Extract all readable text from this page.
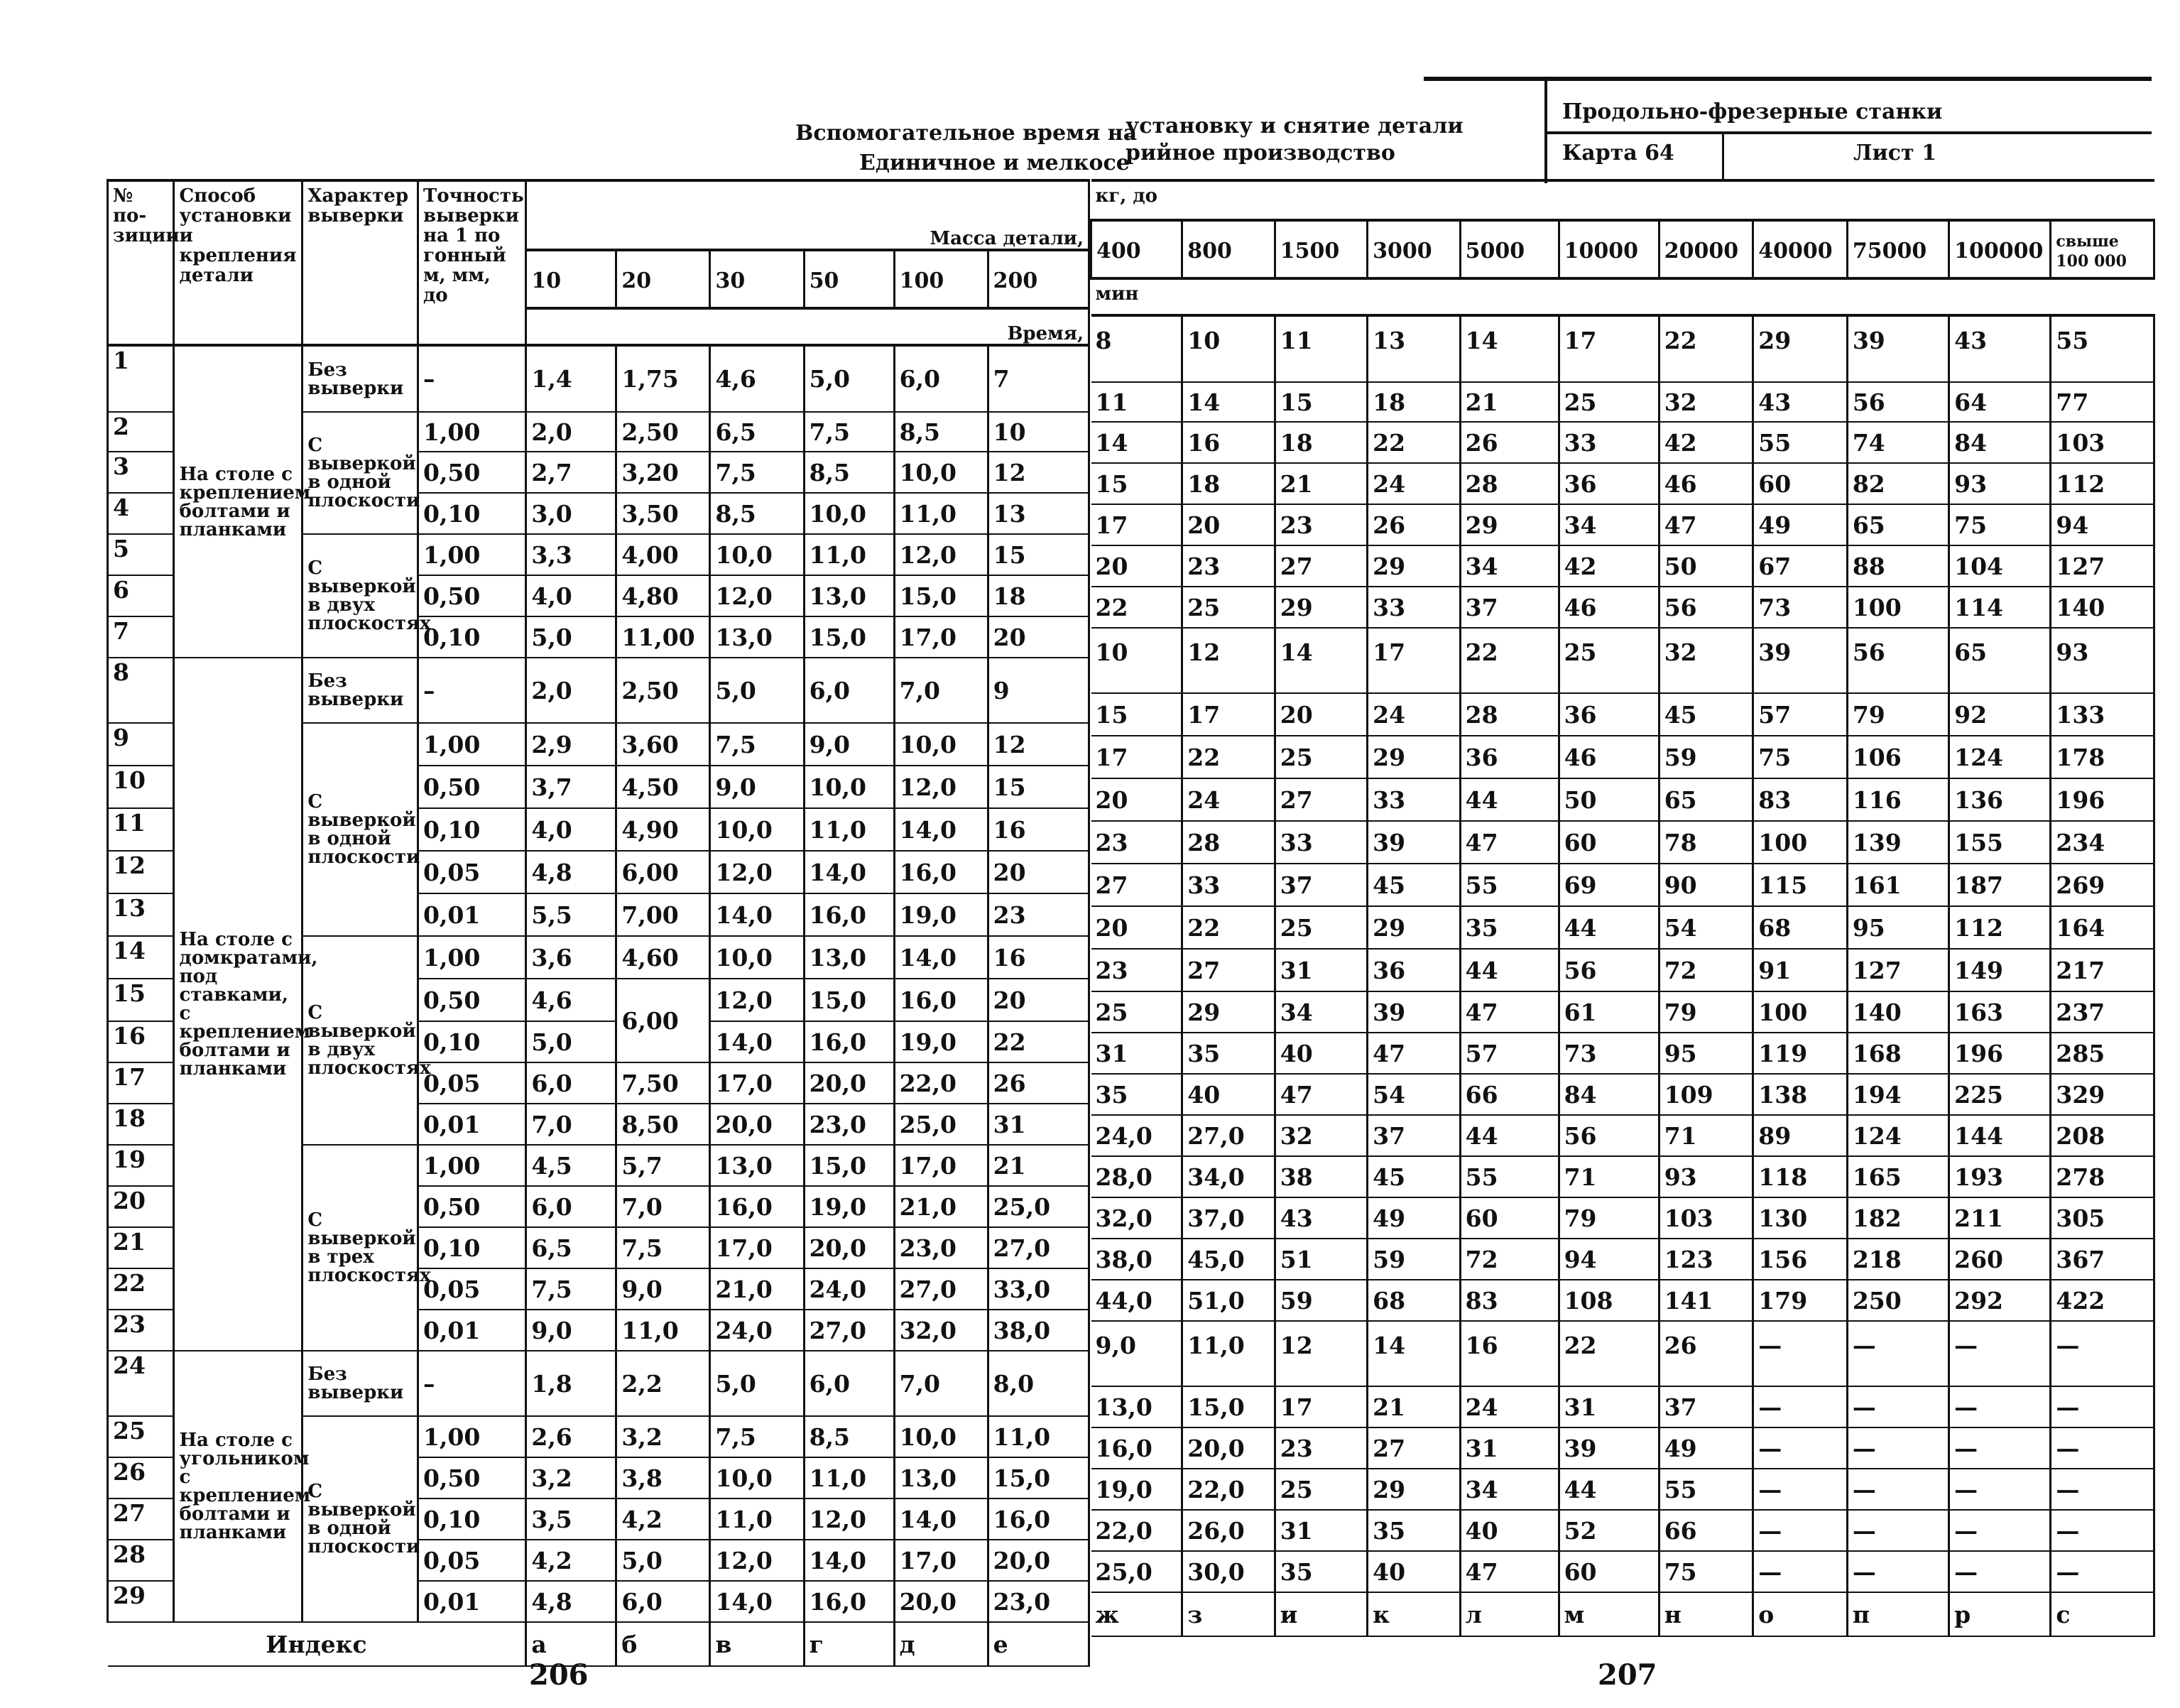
Вспомогательное время на
Единичное и мелкосе
№ по- зиции	Способ установки и крепления детали	Характер выверки	Точность выверки на 1 по гонный м, мм, до	Масса детали,					
				10	20	30	50	100	200
				Время,					
1	На столе с креплением болтами и планками	Без выверки	–	1,4	1,75	4,6	5,0	6,0	7
2		С выверкой в одной плоскости	1,00	2,0	2,50	6,5	7,5	8,5	10
3			0,50	2,7	3,20	7,5	8,5	10,0	12
4			0,10	3,0	3,50	8,5	10,0	11,0	13
5		С выверкой в двух плоскостях	1,00	3,3	4,00	10,0	11,0	12,0	15
6			0,50	4,0	4,80	12,0	13,0	15,0	18
7			0,10	5,0	11,00	13,0	15,0	17,0	20
8	На столе с домкратами, под ставками, с креплением болтами и планками	Без выверки	–	2,0	2,50	5,0	6,0	7,0	9
9		С выверкой в одной плоскости	1,00	2,9	3,60	7,5	9,0	10,0	12
10			0,50	3,7	4,50	9,0	10,0	12,0	15
11			0,10	4,0	4,90	10,0	11,0	14,0	16
12			0,05	4,8	6,00	12,0	14,0	16,0	20
13			0,01	5,5	7,00	14,0	16,0	19,0	23
14		С выверкой в двух плоскостях	1,00	3,6	4,60	10,0	13,0	14,0	16
15			0,50	4,6	6,00	12,0	15,0	16,0	20
16			0,10	5,0		14,0	16,0	19,0	22
17			0,05	6,0	7,50	17,0	20,0	22,0	26
18			0,01	7,0	8,50	20,0	23,0	25,0	31
19		С выверкой в трех плоскостях	1,00	4,5	5,7	13,0	15,0	17,0	21
20			0,50	6,0	7,0	16,0	19,0	21,0	25,0
21			0,10	6,5	7,5	17,0	20,0	23,0	27,0
22			0,05	7,5	9,0	21,0	24,0	27,0	33,0
23			0,01	9,0	11,0	24,0	27,0	32,0	38,0
24	На столе с угольником с креплением болтами и планками	Без выверки	–	1,8	2,2	5,0	6,0	7,0	8,0
25		С выверкой в одной плоскости	1,00	2,6	3,2	7,5	8,5	10,0	11,0
26			0,50	3,2	3,8	10,0	11,0	13,0	15,0
27			0,10	3,5	4,2	11,0	12,0	14,0	16,0
28			0,05	4,2	5,0	12,0	14,0	17,0	20,0
29			0,01	4,8	6,0	14,0	16,0	20,0	23,0
Индекс				а	б	в	г	д	е
206
установку и снятие детали
рийное производство
Продольно-фрезерные станки
Карта 64	Лист 1
кг, до										
400	800	1500	3000	5000	10000	20000	40000	75000	100000	свыше 100 000
мин										
8	10	11	13	14	17	22	29	39	43	55
11	14	15	18	21	25	32	43	56	64	77
14	16	18	22	26	33	42	55	74	84	103
15	18	21	24	28	36	46	60	82	93	112
17	20	23	26	29	34	47	49	65	75	94
20	23	27	29	34	42	50	67	88	104	127
22	25	29	33	37	46	56	73	100	114	140
10	12	14	17	22	25	32	39	56	65	93
15	17	20	24	28	36	45	57	79	92	133
17	22	25	29	36	46	59	75	106	124	178
20	24	27	33	44	50	65	83	116	136	196
23	28	33	39	47	60	78	100	139	155	234
27	33	37	45	55	69	90	115	161	187	269
20	22	25	29	35	44	54	68	95	112	164
23	27	31	36	44	56	72	91	127	149	217
25	29	34	39	47	61	79	100	140	163	237
31	35	40	47	57	73	95	119	168	196	285
35	40	47	54	66	84	109	138	194	225	329
24,0	27,0	32	37	44	56	71	89	124	144	208
28,0	34,0	38	45	55	71	93	118	165	193	278
32,0	37,0	43	49	60	79	103	130	182	211	305
38,0	45,0	51	59	72	94	123	156	218	260	367
44,0	51,0	59	68	83	108	141	179	250	292	422
9,0	11,0	12	14	16	22	26	—	—	—	—
13,0	15,0	17	21	24	31	37	—	—	—	—
16,0	20,0	23	27	31	39	49	—	—	—	—
19,0	22,0	25	29	34	44	55	—	—	—	—
22,0	26,0	31	35	40	52	66	—	—	—	—
25,0	30,0	35	40	47	60	75	—	—	—	—
ж	з	и	к	л	м	н	о	п	р	с
207
